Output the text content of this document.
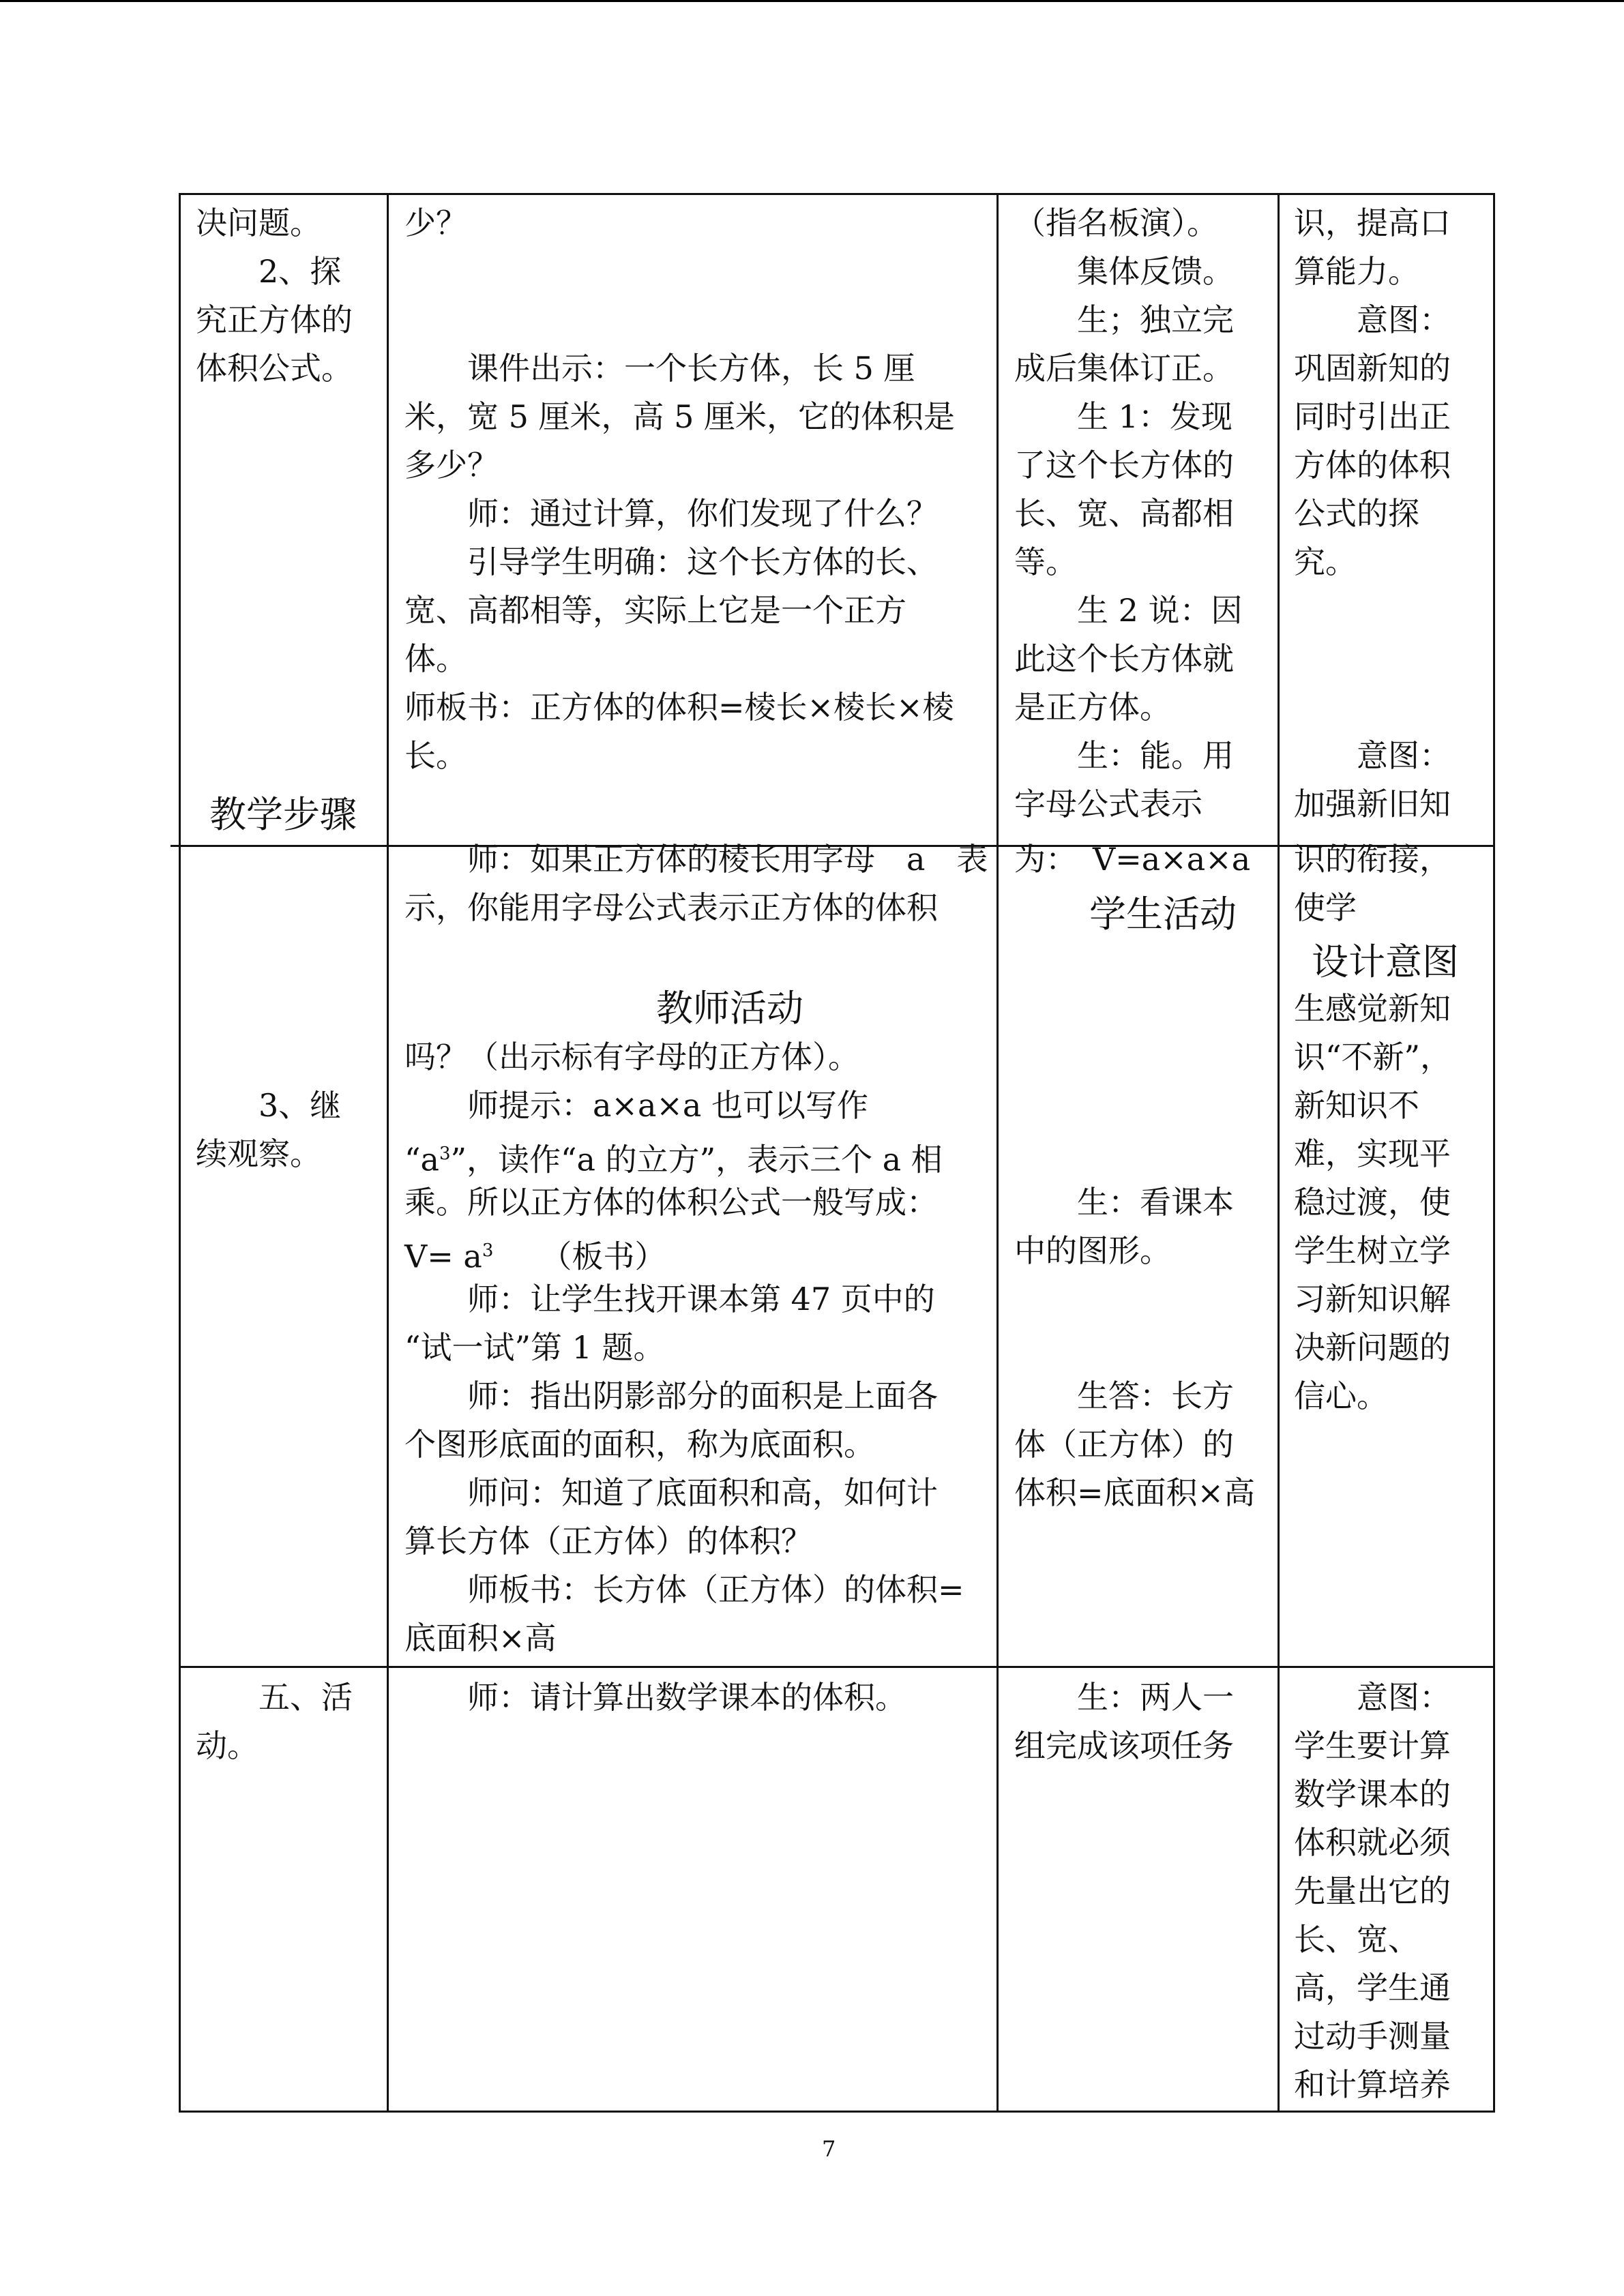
决问题。
　　2、探
究正方体的
体积公式。
教学步骤
　　3、继
续观察。
　　五、活
动。
少？
　　课件出示：一个长方体，长 5 厘
米，宽 5 厘米，高 5 厘米，它的体积是
多少？
　　师：通过计算，你们发现了什么？
　　引导学生明确：这个长方体的长、
宽、高都相等，实际上它是一个正方
体。
师板书：正方体的体积=棱长×棱长×棱
长。
　　师：如果正方体的棱长用字母　a　表
示，你能用字母公式表示正方体的体积
教师活动
吗？（出示标有字母的正方体）。
　　师提示：a×a×a 也可以写作
“$a^3$”，读作“a 的立方”，表示三个 a 相
乘。所以正方体的体积公式一般写成：
$V= a^3$　　（板书）
　　师：让学生找开课本第 47 页中的
“试一试”第 1 题。
　　师：指出阴影部分的面积是上面各
个图形底面的面积，称为底面积。
　　师问：知道了底面积和高，如何计
算长方体（正方体）的体积？
　　师板书：长方体（正方体）的体积=
底面积×高
　　师：请计算出数学课本的体积。
（指名板演）。
　　集体反馈。
　　生；独立完
成后集体订正。
　　生 1：发现
了这个长方体的
长、宽、高都相
等。
　　生 2 说：因
此这个长方体就
是正方体。
　　生：能。用
字母公式表示
为：　V=a×a×a
学生活动
　　生：看课本
中的图形。
　　生答：长方
体（正方体）的
体积=底面积×高
　　生：两人一
组完成该项任务
识，提高口
算能力。
　　意图：
巩固新知的
同时引出正
方体的体积
公式的探
究。
　　意图：
加强新旧知
识的衔接，
使学
设计意图
生感觉新知
识“不新”，
新知识不
难，实现平
稳过渡，使
学生树立学
习新知识解
决新问题的
信心。
　　意图：
学生要计算
数学课本的
体积就必须
先量出它的
长、宽、
高，学生通
过动手测量
和计算培养
7
